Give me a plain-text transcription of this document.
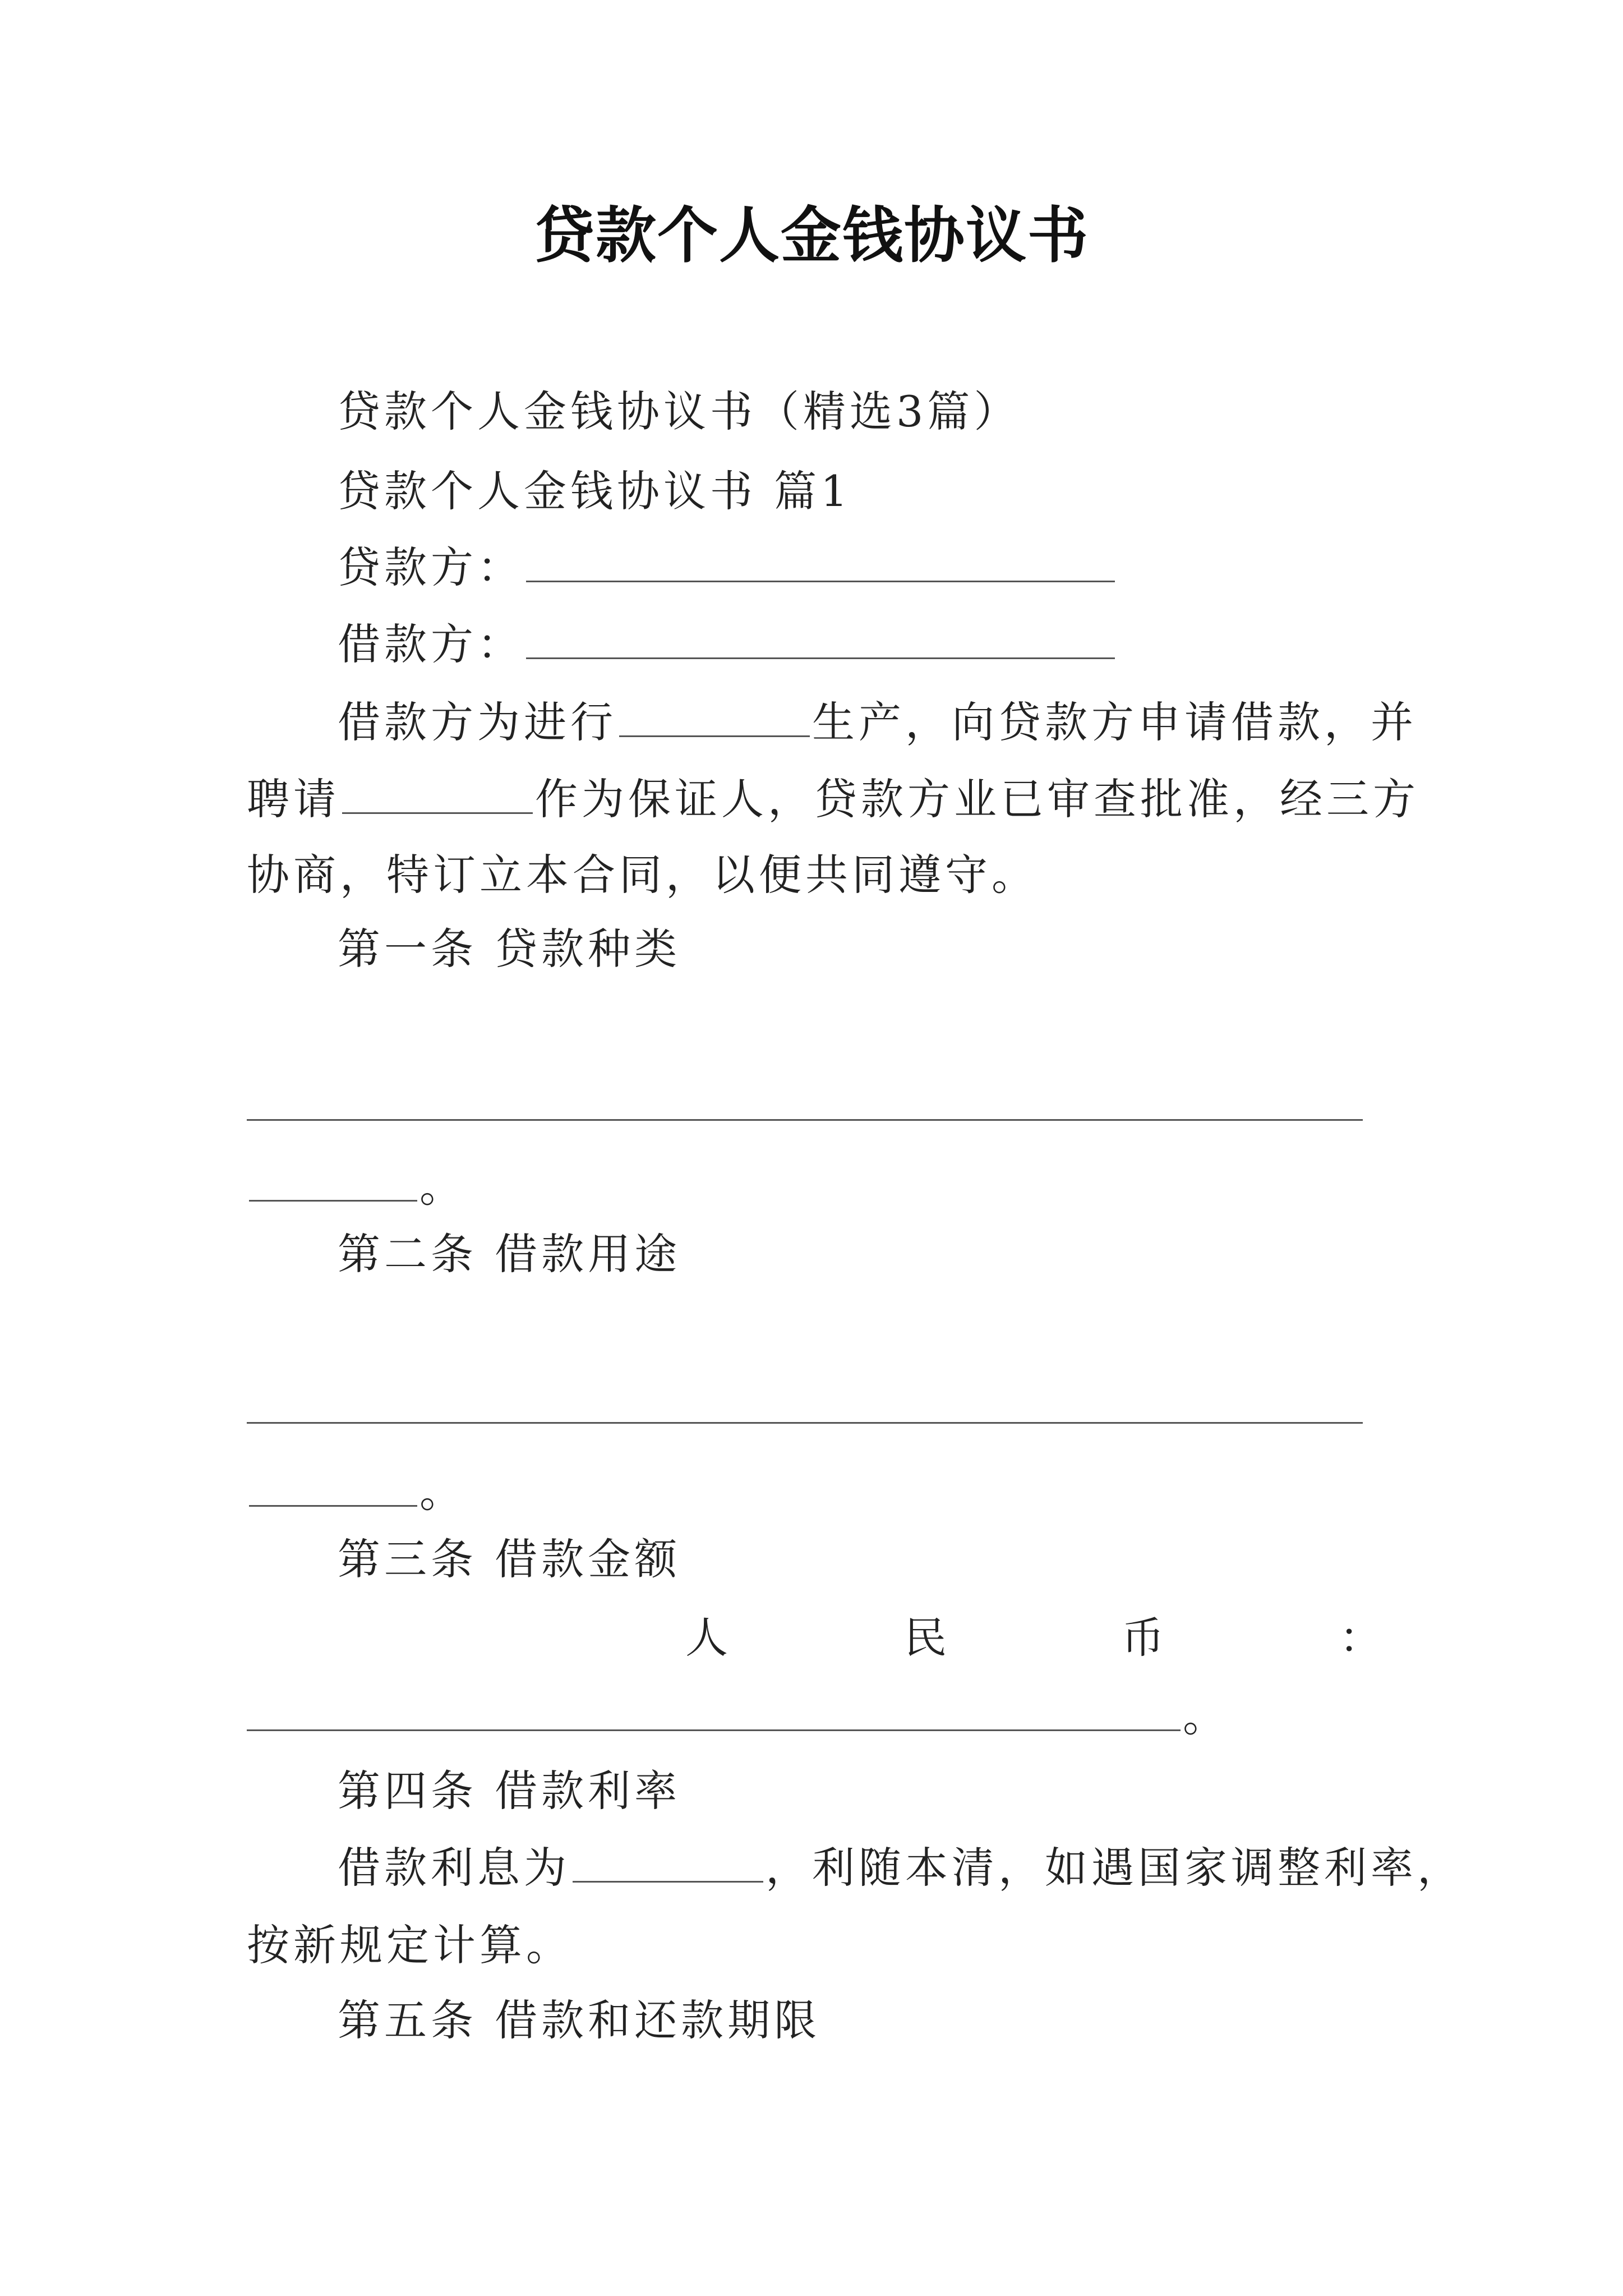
贷款个人金钱协议书
贷款个人金钱协议书（精选3篇）
贷款个人金钱协议书 篇1
贷款方：
借款方：
借款方为进行	生产，向贷款方申请借款，并
聘请	作为保证人，贷款方业已审查批准，经三方
协商，特订立本合同，以便共同遵守。
第一条 贷款种类
。
第二条 借款用途
。
第三条 借款金额
人	民	币	：
。
第四条 借款利率
借款利息为	，利随本清，如遇国家调整利率，
按新规定计算。
第五条 借款和还款期限
